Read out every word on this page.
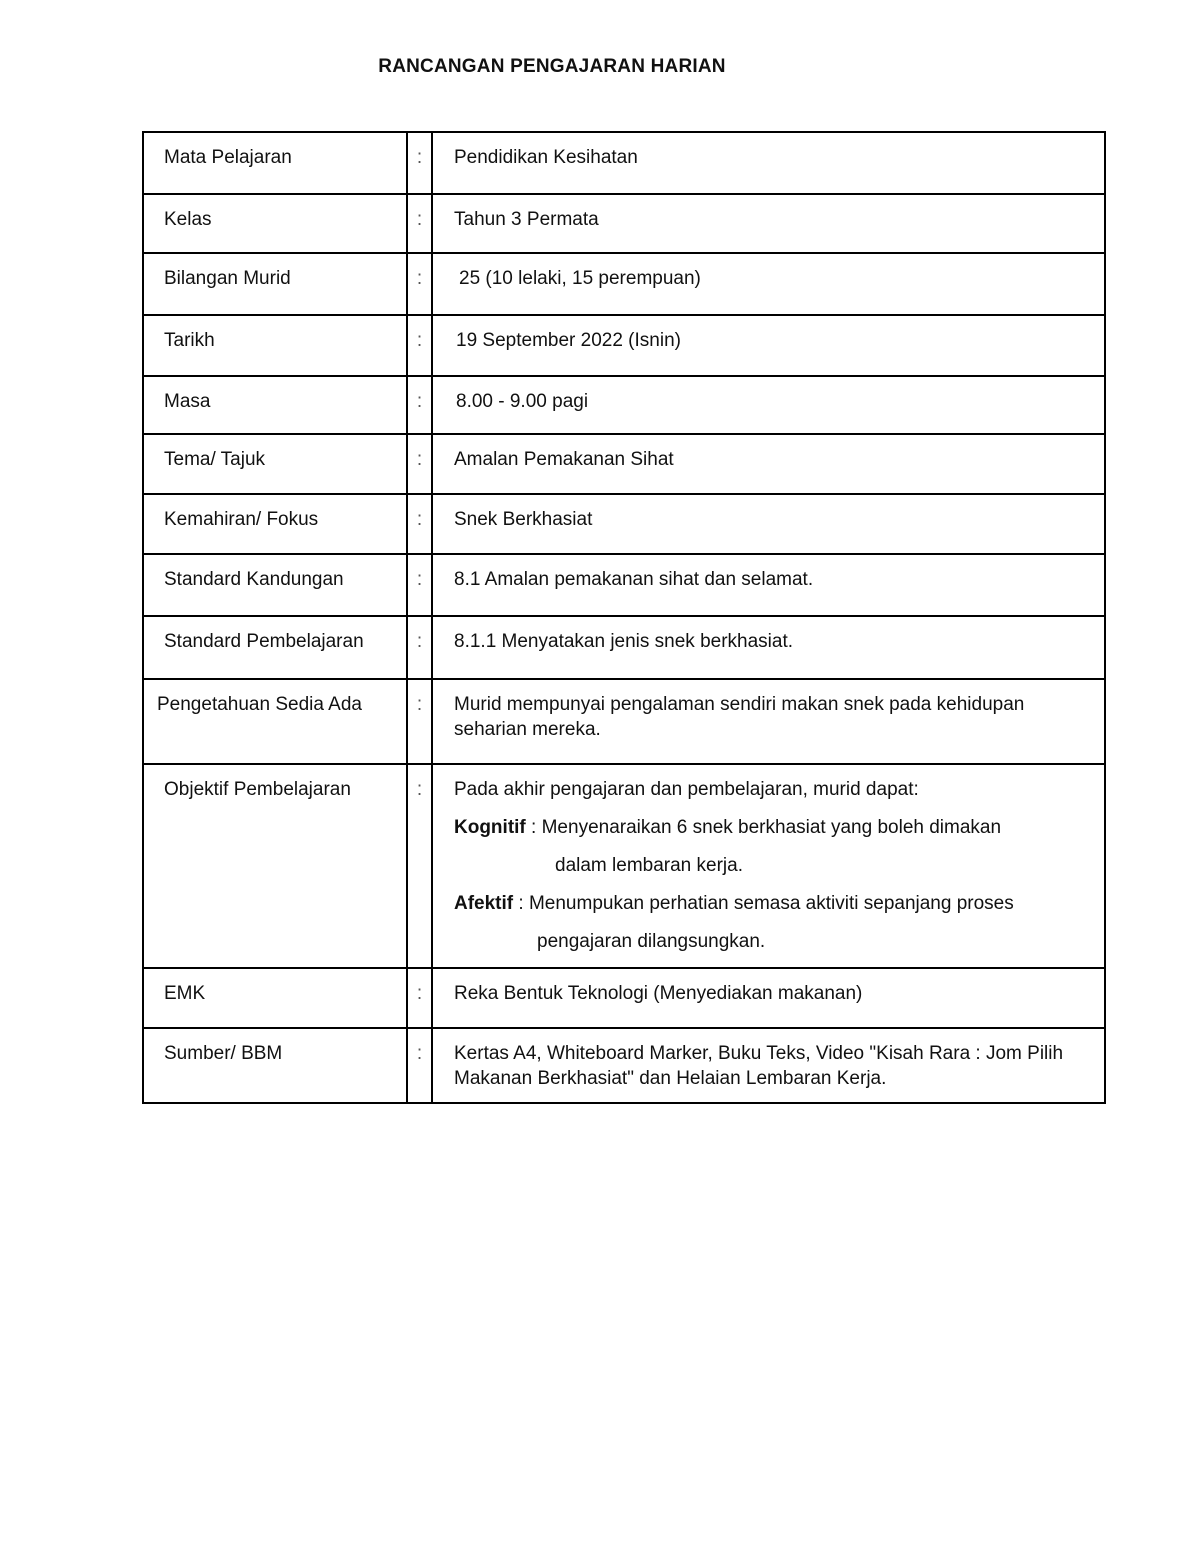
RANCANGAN PENGAJARAN HARIAN
Mata Pelajaran	:	Pendidikan Kesihatan
Kelas	:	Tahun 3 Permata
Bilangan Murid	:	25 (10 lelaki, 15 perempuan)
Tarikh	:	19 September 2022 (Isnin)
Masa	:	8.00 - 9.00 pagi
Tema/ Tajuk	:	Amalan Pemakanan Sihat
Kemahiran/ Fokus	:	Snek Berkhasiat
Standard Kandungan	:	8.1 Amalan pemakanan sihat dan selamat.
Standard Pembelajaran	:	8.1.1 Menyatakan jenis snek berkhasiat.
Pengetahuan Sedia Ada	:	Murid mempunyai pengalaman sendiri makan snek pada kehidupan seharian mereka.
Objektif Pembelajaran	:	Pada akhir pengajaran dan pembelajaran, murid dapat:

Kognitif : Menyenaraikan 6 snek berkhasiat yang boleh dimakan

dalam lembaran kerja.

Afektif : Menumpukan perhatian semasa aktiviti sepanjang proses

pengajaran dilangsungkan.

EMK	:	Reka Bentuk Teknologi (Menyediakan makanan)
Sumber/ BBM	:	Kertas A4, Whiteboard Marker, Buku Teks, Video "Kisah Rara : Jom Pilih Makanan Berkhasiat" dan Helaian Lembaran Kerja.
